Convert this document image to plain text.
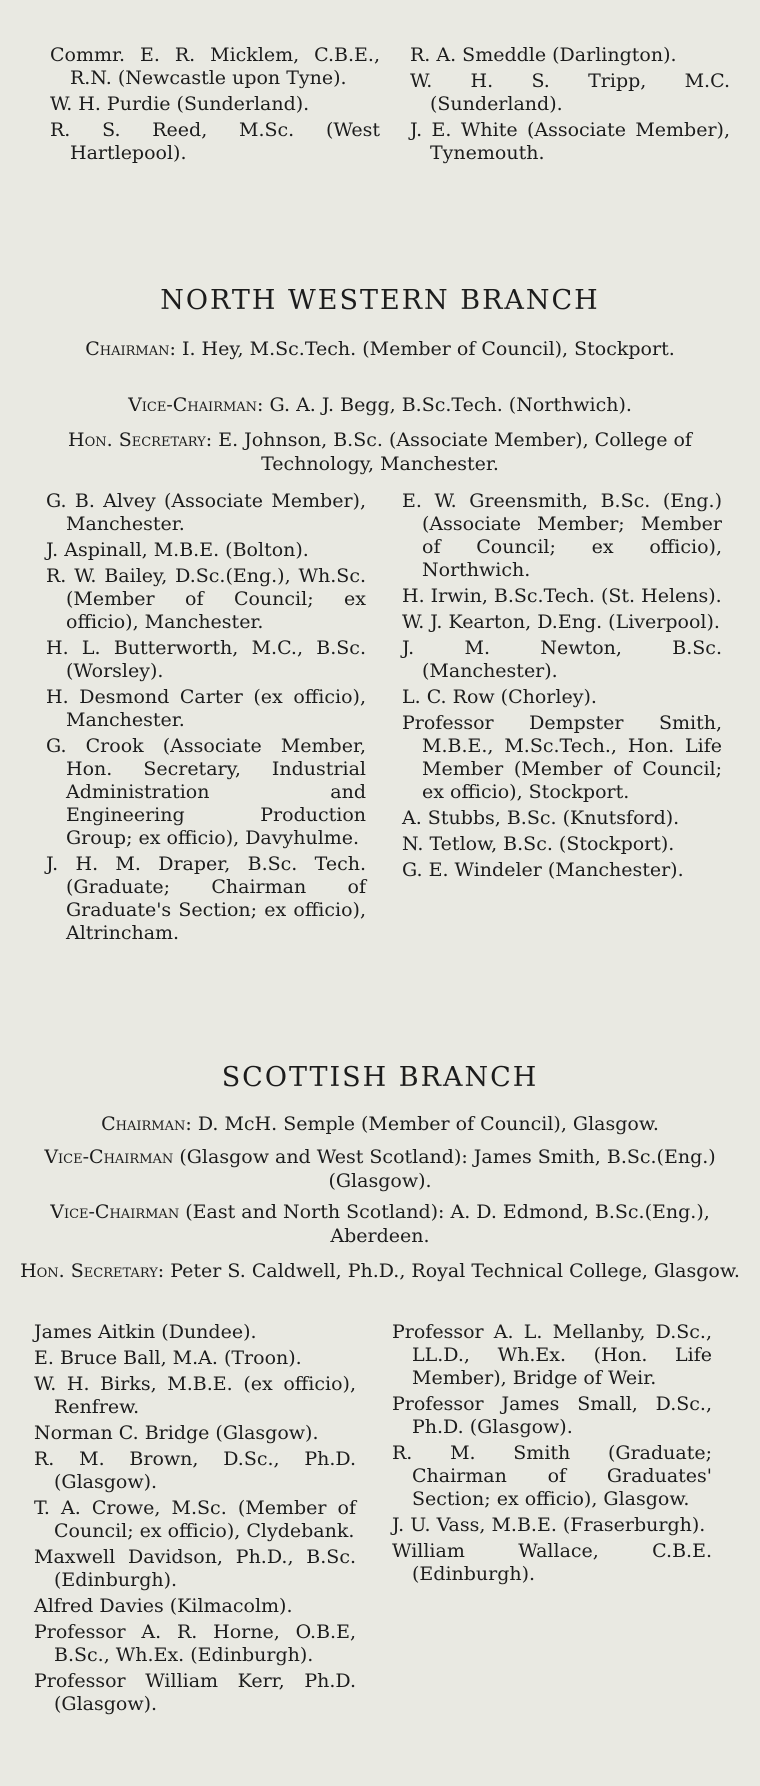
Commr. E. R. Micklem, C.B.E., R.N. (Newcastle upon Tyne).
W. H. Purdie (Sunderland).
R. S. Reed, M.Sc. (West Hartlepool).
R. A. Smeddle (Darlington).
W. H. S. Tripp, M.C. (Sunderland).
J. E. White (Associate Member), Tynemouth.
NORTH WESTERN BRANCH
Chairman: I. Hey, M.Sc.Tech. (Member of Council), Stockport.
Vice-Chairman: G. A. J. Begg, B.Sc.Tech. (Northwich).
Hon. Secretary: E. Johnson, B.Sc. (Associate Member), College of Technology, Manchester.
G. B. Alvey (Associate Member), Manchester.
J. Aspinall, M.B.E. (Bolton).
R. W. Bailey, D.Sc.(Eng.), Wh.Sc. (Member of Council; ex officio), Manchester.
H. L. Butterworth, M.C., B.Sc. (Worsley).
H. Desmond Carter (ex officio), Manchester.
G. Crook (Associate Member, Hon. Secretary, Industrial Administration and Engineering Production Group; ex officio), Davyhulme.
J. H. M. Draper, B.Sc. Tech. (Graduate; Chairman of Graduate's Section; ex officio), Altrincham.
E. W. Greensmith, B.Sc. (Eng.) (Associate Member; Member of Council; ex officio), Northwich.
H. Irwin, B.Sc.Tech. (St. Helens).
W. J. Kearton, D.Eng. (Liverpool).
J. M. Newton, B.Sc. (Manchester).
L. C. Row (Chorley).
Professor Dempster Smith, M.B.E., M.Sc.Tech., Hon. Life Member (Member of Council; ex officio), Stockport.
A. Stubbs, B.Sc. (Knutsford).
N. Tetlow, B.Sc. (Stockport).
G. E. Windeler (Manchester).
SCOTTISH BRANCH
Chairman: D. McH. Semple (Member of Council), Glasgow.
Vice-Chairman (Glasgow and West Scotland): James Smith, B.Sc.(Eng.) (Glasgow).
Vice-Chairman (East and North Scotland): A. D. Edmond, B.Sc.(Eng.), Aberdeen.
Hon. Secretary: Peter S. Caldwell, Ph.D., Royal Technical College, Glasgow.
James Aitkin (Dundee).
E. Bruce Ball, M.A. (Troon).
W. H. Birks, M.B.E. (ex officio), Renfrew.
Norman C. Bridge (Glasgow).
R. M. Brown, D.Sc., Ph.D. (Glasgow).
T. A. Crowe, M.Sc. (Member of Council; ex officio), Clydebank.
Maxwell Davidson, Ph.D., B.Sc. (Edinburgh).
Alfred Davies (Kilmacolm).
Professor A. R. Horne, O.B.E, B.Sc., Wh.Ex. (Edinburgh).
Professor William Kerr, Ph.D. (Glasgow).
Professor A. L. Mellanby, D.Sc., LL.D., Wh.Ex. (Hon. Life Member), Bridge of Weir.
Professor James Small, D.Sc., Ph.D. (Glasgow).
R. M. Smith (Graduate; Chairman of Graduates' Section; ex officio), Glasgow.
J. U. Vass, M.B.E. (Fraserburgh).
William Wallace, C.B.E. (Edinburgh).
